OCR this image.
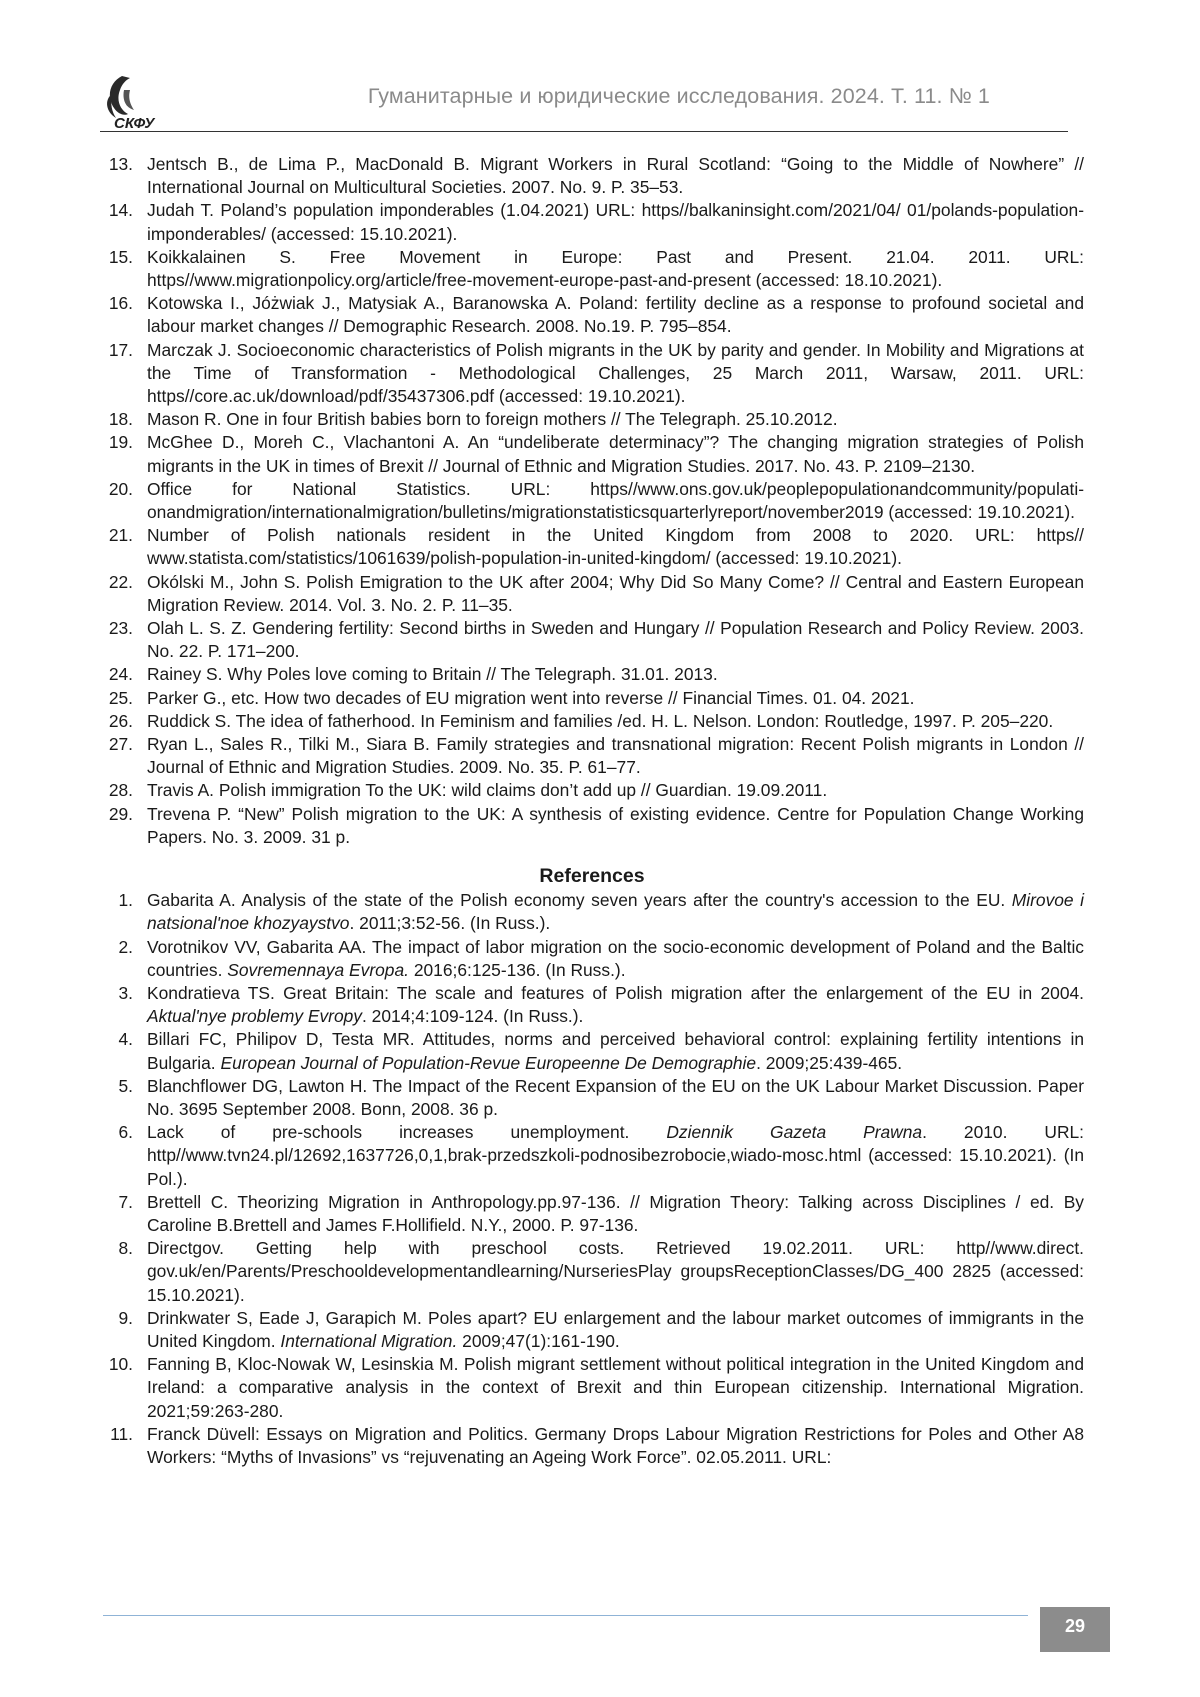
СКФУ
Гуманитарные и юридические исследования. 2024. Т. 11. № 1
13. Jentsch B., de Lima P., MacDonald B. Migrant Workers in Rural Scotland: “Going to the Middle of No­where” // International Journal on Multicultural Societies. 2007. No. 9. P. 35–53.
14. Judah T. Poland’s population imponderables (1.04.2021) URL: https//balkaninsight.com/2021/04/ 01/polands-population-imponderables/ (accessed: 15.10.2021).
15. Koikkalainen S. Free Movement in Europe: Past and Present. 21.04. 2011. URL: https//www.migrationpolicy.org/article/free-movement-europe-past-and-present (accessed: 18.10.2021).
16. Kotowska I., Jóżwiak J., Matysiak A., Baranowska A. Poland: fertility decline as a response to profound societal and labour market changes // Demographic Research. 2008. No.19. P. 795–854.
17. Marczak J. Socioeconomic characteristics of Polish migrants in the UK by parity and gender. In Mobility and Migrations at the Time of Transformation - Methodological Challenges, 25 March 2011, Warsaw, 2011. URL: https//core.ac.uk/download/pdf/35437306.pdf (accessed: 19.10.2021).
18. Mason R. One in four British babies born to foreign mothers // The Telegraph. 25.10.2012.
19. McGhee D., Moreh C., Vlachantoni A. An “undeliberate determinacy”? The changing migration strate­gies of Polish migrants in the UK in times of Brexit // Journal of Ethnic and Migration Studies. 2017. No. 43. P. 2109–2130.
20. Office for National Statistics. URL: https//www.ons.gov.uk/peoplepopulationandcommunity/populati­onandmigration/internationalmigration/bulletins/migrationstatisticsquarterlyreport/november2019 (ac­cessed: 19.10.2021).
21. Number of Polish nationals resident in the United Kingdom from 2008 to 2020. URL: https// www.statista.com/statistics/1061639/polish-population-in-united-kingdom/ (accessed: 19.10.2021).
22. Okólski M., John S. Polish Emigration to the UK after 2004; Why Did So Many Come? // Central and Eastern European Migration Review. 2014. Vol. 3. No. 2. P. 11–35.
23. Olah L. S. Z. Gendering fertility: Second births in Sweden and Hungary // Population Research and Pol­icy Review. 2003. No. 22. P. 171–200.
24. Rainey S. Why Poles love coming to Britain // The Telegraph. 31.01. 2013.
25. Parker G., etc. How two decades of EU migration went into reverse // Financial Times. 01. 04. 2021.
26. Ruddick S. The idea of fatherhood. In Feminism and families /ed. H. L. Nelson. London: Routledge, 1997. P. 205–220.
27. Ryan L., Sales R., Tilki M., Siara B. Family strategies and transnational migration: Recent Polish mi­grants in London // Journal of Ethnic and Migration Studies. 2009. No. 35. P. 61–77.
28. Travis A. Polish immigration To the UK: wild claims don’t add up // Guardian. 19.09.2011.
29. Trevena P. “New” Polish migration to the UK: A synthesis of existing evidence. Centre for Population Change Working Papers. No. 3. 2009. 31 p.
References
1. Gabarita A. Analysis of the state of the Polish economy seven years after the country's accession to the EU. Mirovoe i natsional'noe khozyaystvo. 2011;3:52-56. (In Russ.).
2. Vorotnikov VV, Gabarita AA. The impact of labor migration on the socio-economic development of Po­land and the Baltic countries. Sovremennaya Evropa. 2016;6:125-136. (In Russ.).
3. Kondratieva TS. Great Britain: The scale and features of Polish migration after the enlargement of the EU in 2004. Aktual'nye problemy Evropy. 2014;4:109-124. (In Russ.).
4. Billari FC, Philipov D, Testa MR. Attitudes, norms and perceived behavioral control: explaining fertility intentions in Bulgaria. European Journal of Population-Revue Europeenne De Demographie. 2009;25:439-465.
5. Blanchflower DG, Lawton H. The Impact of the Recent Expansion of the EU on the UK Labour Market Discussion. Paper No. 3695 September 2008. Bonn, 2008. 36 p.
6. Lack of pre-schools increases unemployment. Dziennik Gazeta Prawna. 2010. URL: http//www.tvn24.pl/12692,1637726,0,1,brak-przedszkoli-podnosibezrobocie,wiado-mosc.html (ac­cessed: 15.10.2021). (In Pol.).
7. Brettell C. Theorizing Migration in Anthropology.pp.97-136. // Migration Theory: Talking across Disci­plines / ed. By Caroline B.Brettell and James F.Hollifield. N.Y., 2000. P. 97-136.
8. Directgov. Getting help with preschool costs. Retrieved 19.02.2011. URL: http//www.direct. gov.uk/en/Parents/Preschooldevelopmentandlearning/NurseriesPlay groupsReceptionClasses/DG_400 2825 (accessed: 15.10.2021).
9. Drinkwater S, Eade J, Garapich M. Poles apart? EU enlargement and the labour market outcomes of immigrants in the United Kingdom. International Migration. 2009;47(1):161-190.
10. Fanning B, Kloc-Nowak W, Lesinskia M. Polish migrant settlement without political integration in the United Kingdom and Ireland: a comparative analysis in the context of Brexit and thin European citizen­ship. International Migration. 2021;59:263-280.
11. Franck Düvell: Essays on Migration and Politics. Germany Drops Labour Migration Restrictions for Poles and Other A8 Workers: “Myths of Invasions” vs “rejuvenating an Ageing Work Force”. 02.05.2011. URL:
29
